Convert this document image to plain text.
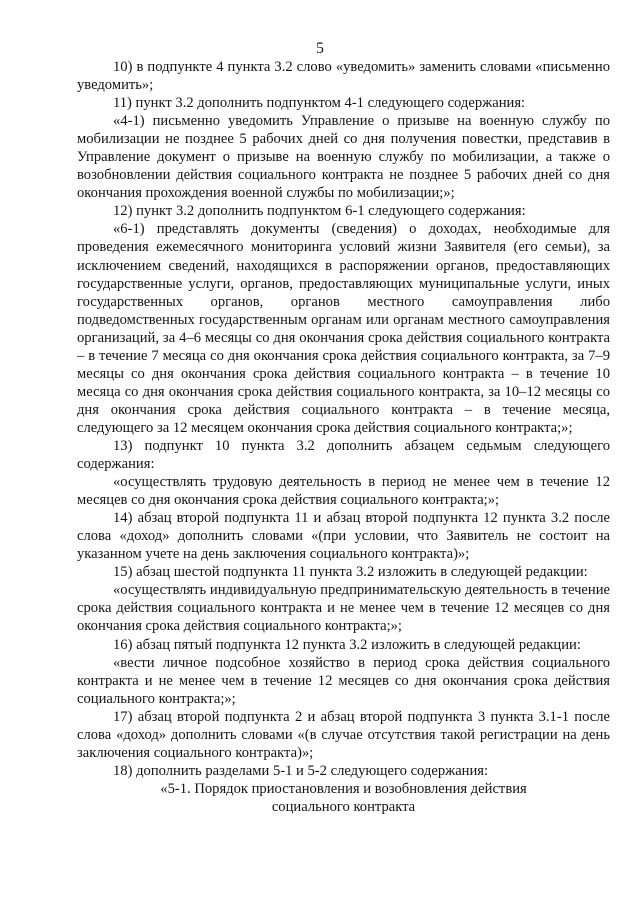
5

10) в подпункте 4 пункта 3.2 слово «уведомить» заменить словами «письменно уведомить»;

11) пункт 3.2 дополнить подпунктом 4-1 следующего содержания:

«4-1) письменно уведомить Управление о призыве на военную службу по мобилизации не позднее 5 рабочих дней со дня получения повестки, представив в Управление документ о призыве на военную службу по мобилизации, а также о возобновлении действия социального контракта не позднее 5 рабочих дней со дня окончания прохождения военной службы по мобилизации;»;

12) пункт 3.2 дополнить подпунктом 6-1 следующего содержания:

«6-1) представлять документы (сведения) о доходах, необходимые для проведения ежемесячного мониторинга условий жизни Заявителя (его семьи), за исключением сведений, находящихся в распоряжении органов, предоставляющих государственные услуги, органов, предоставляющих муниципальные услуги, иных государственных органов, органов местного самоуправления либо подведомственных государственным органам или органам местного самоуправления организаций, за 4–6 месяцы со дня окончания срока действия социального контракта – в течение 7 месяца со дня окончания срока действия социального контракта, за 7–9 месяцы со дня окончания срока действия социального контракта – в течение 10 месяца со дня окончания срока действия социального контракта, за 10–12 месяцы со дня окончания срока действия социального контракта – в течение месяца, следующего за 12 месяцем окончания срока действия социального контракта;»;

13) подпункт 10 пункта 3.2 дополнить абзацем седьмым следующего содержания:

«осуществлять трудовую деятельность в период не менее чем в течение 12 месяцев со дня окончания срока действия социального контракта;»;

14) абзац второй подпункта 11 и абзац второй подпункта 12 пункта 3.2 после слова «доход» дополнить словами «(при условии, что Заявитель не состоит на указанном учете на день заключения социального контракта)»;

15) абзац шестой подпункта 11 пункта 3.2 изложить в следующей редакции:

«осуществлять индивидуальную предпринимательскую деятельность в течение срока действия социального контракта и не менее чем в течение 12 месяцев со дня окончания срока действия социального контракта;»;

16) абзац пятый подпункта 12 пункта 3.2 изложить в следующей редакции:

«вести личное подсобное хозяйство в период срока действия социального контракта и не менее чем в течение 12 месяцев со дня окончания срока действия социального контракта;»;

17) абзац второй подпункта 2 и абзац второй подпункта 3 пункта 3.1-1 после слова «доход» дополнить словами «(в случае отсутствия такой регистрации на день заключения социального контракта)»;

18) дополнить разделами 5-1 и 5-2 следующего содержания:

«5-1. Порядок приостановления и возобновления действия

социального контракта
